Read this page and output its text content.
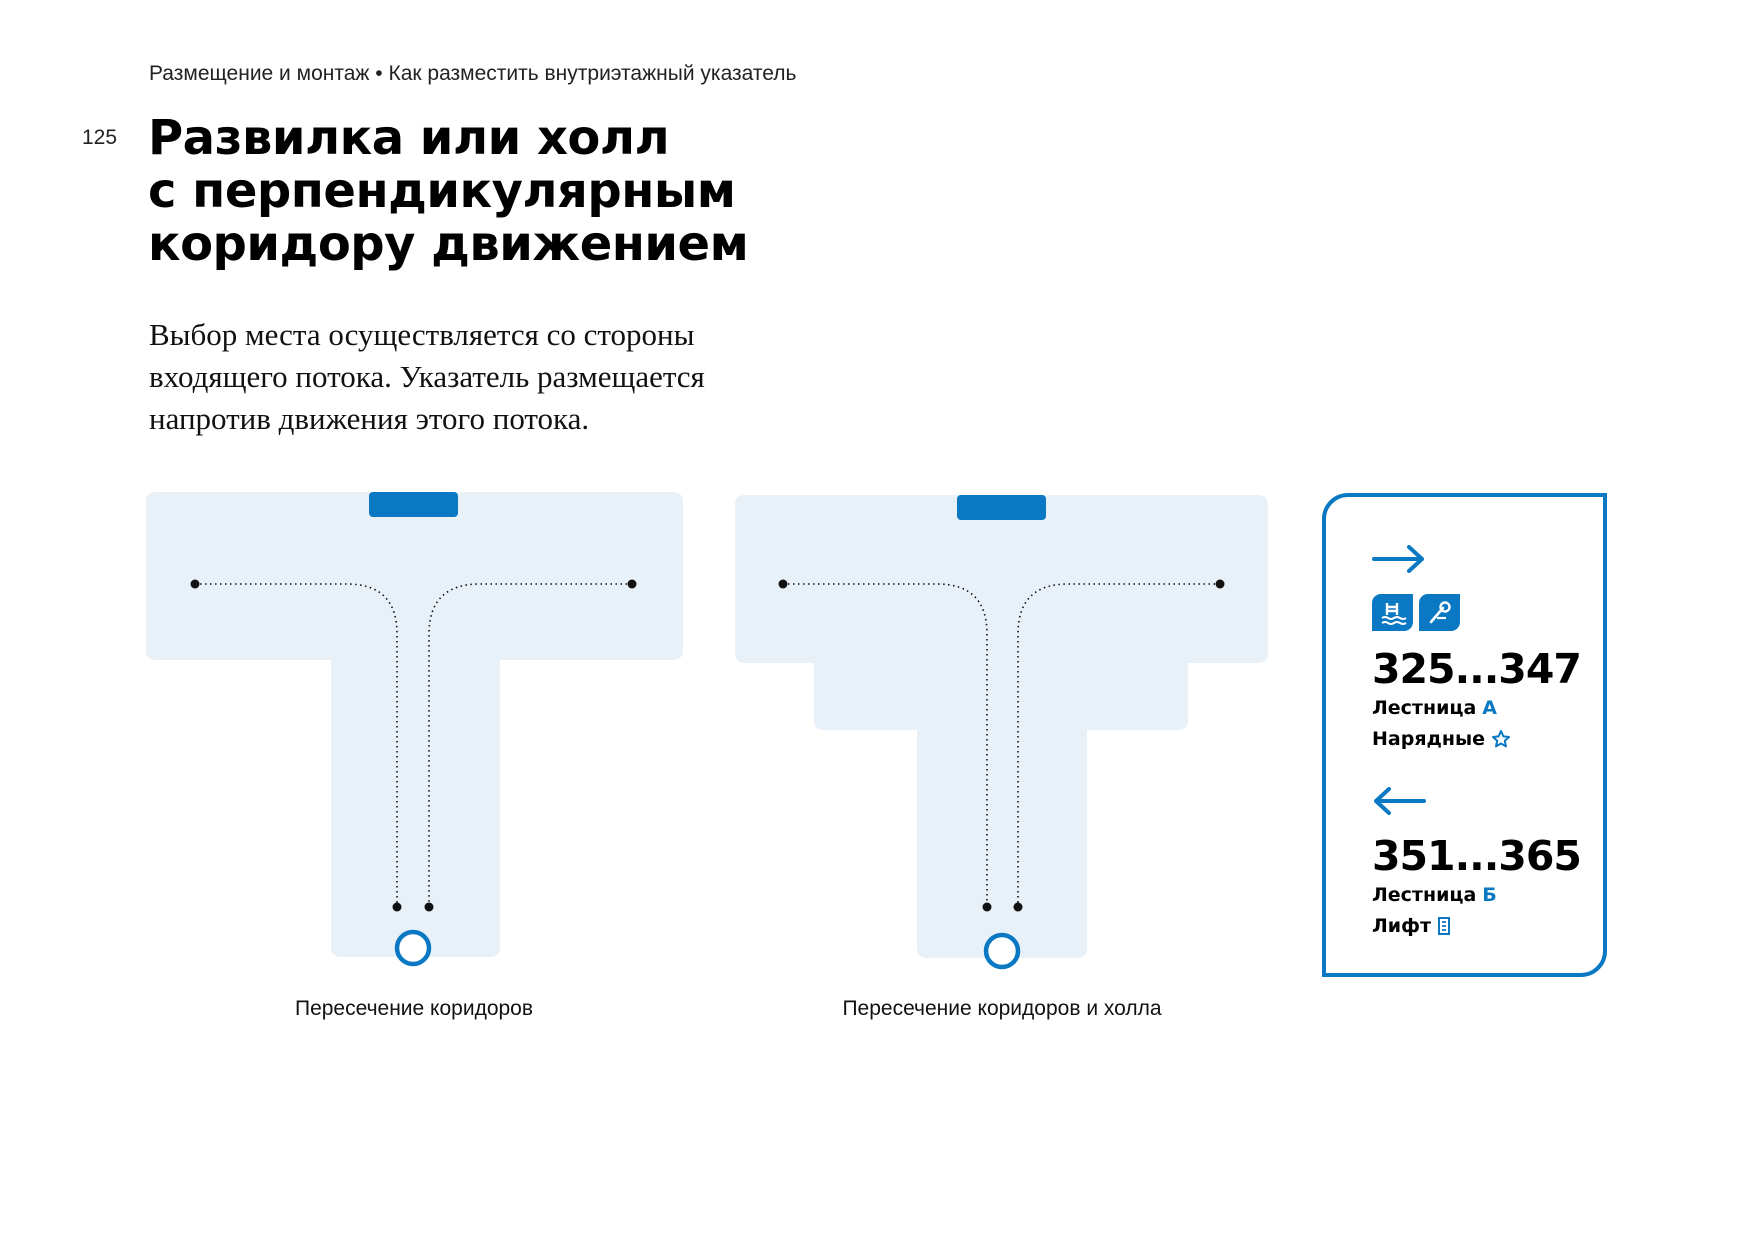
Размещение и монтаж • Как разместить внутриэтажный указатель
125 Развилка или холл
с перпендикулярным
коридору движением

Выбор места осуществляется со стороны
входящего потока. Указатель размещается
напротив движения этого потока.

Пересечение коридоров	Пересечение коридоров и холла
325...347
Лестница А
Нарядные
351...365
Лестница Б
Лифт
